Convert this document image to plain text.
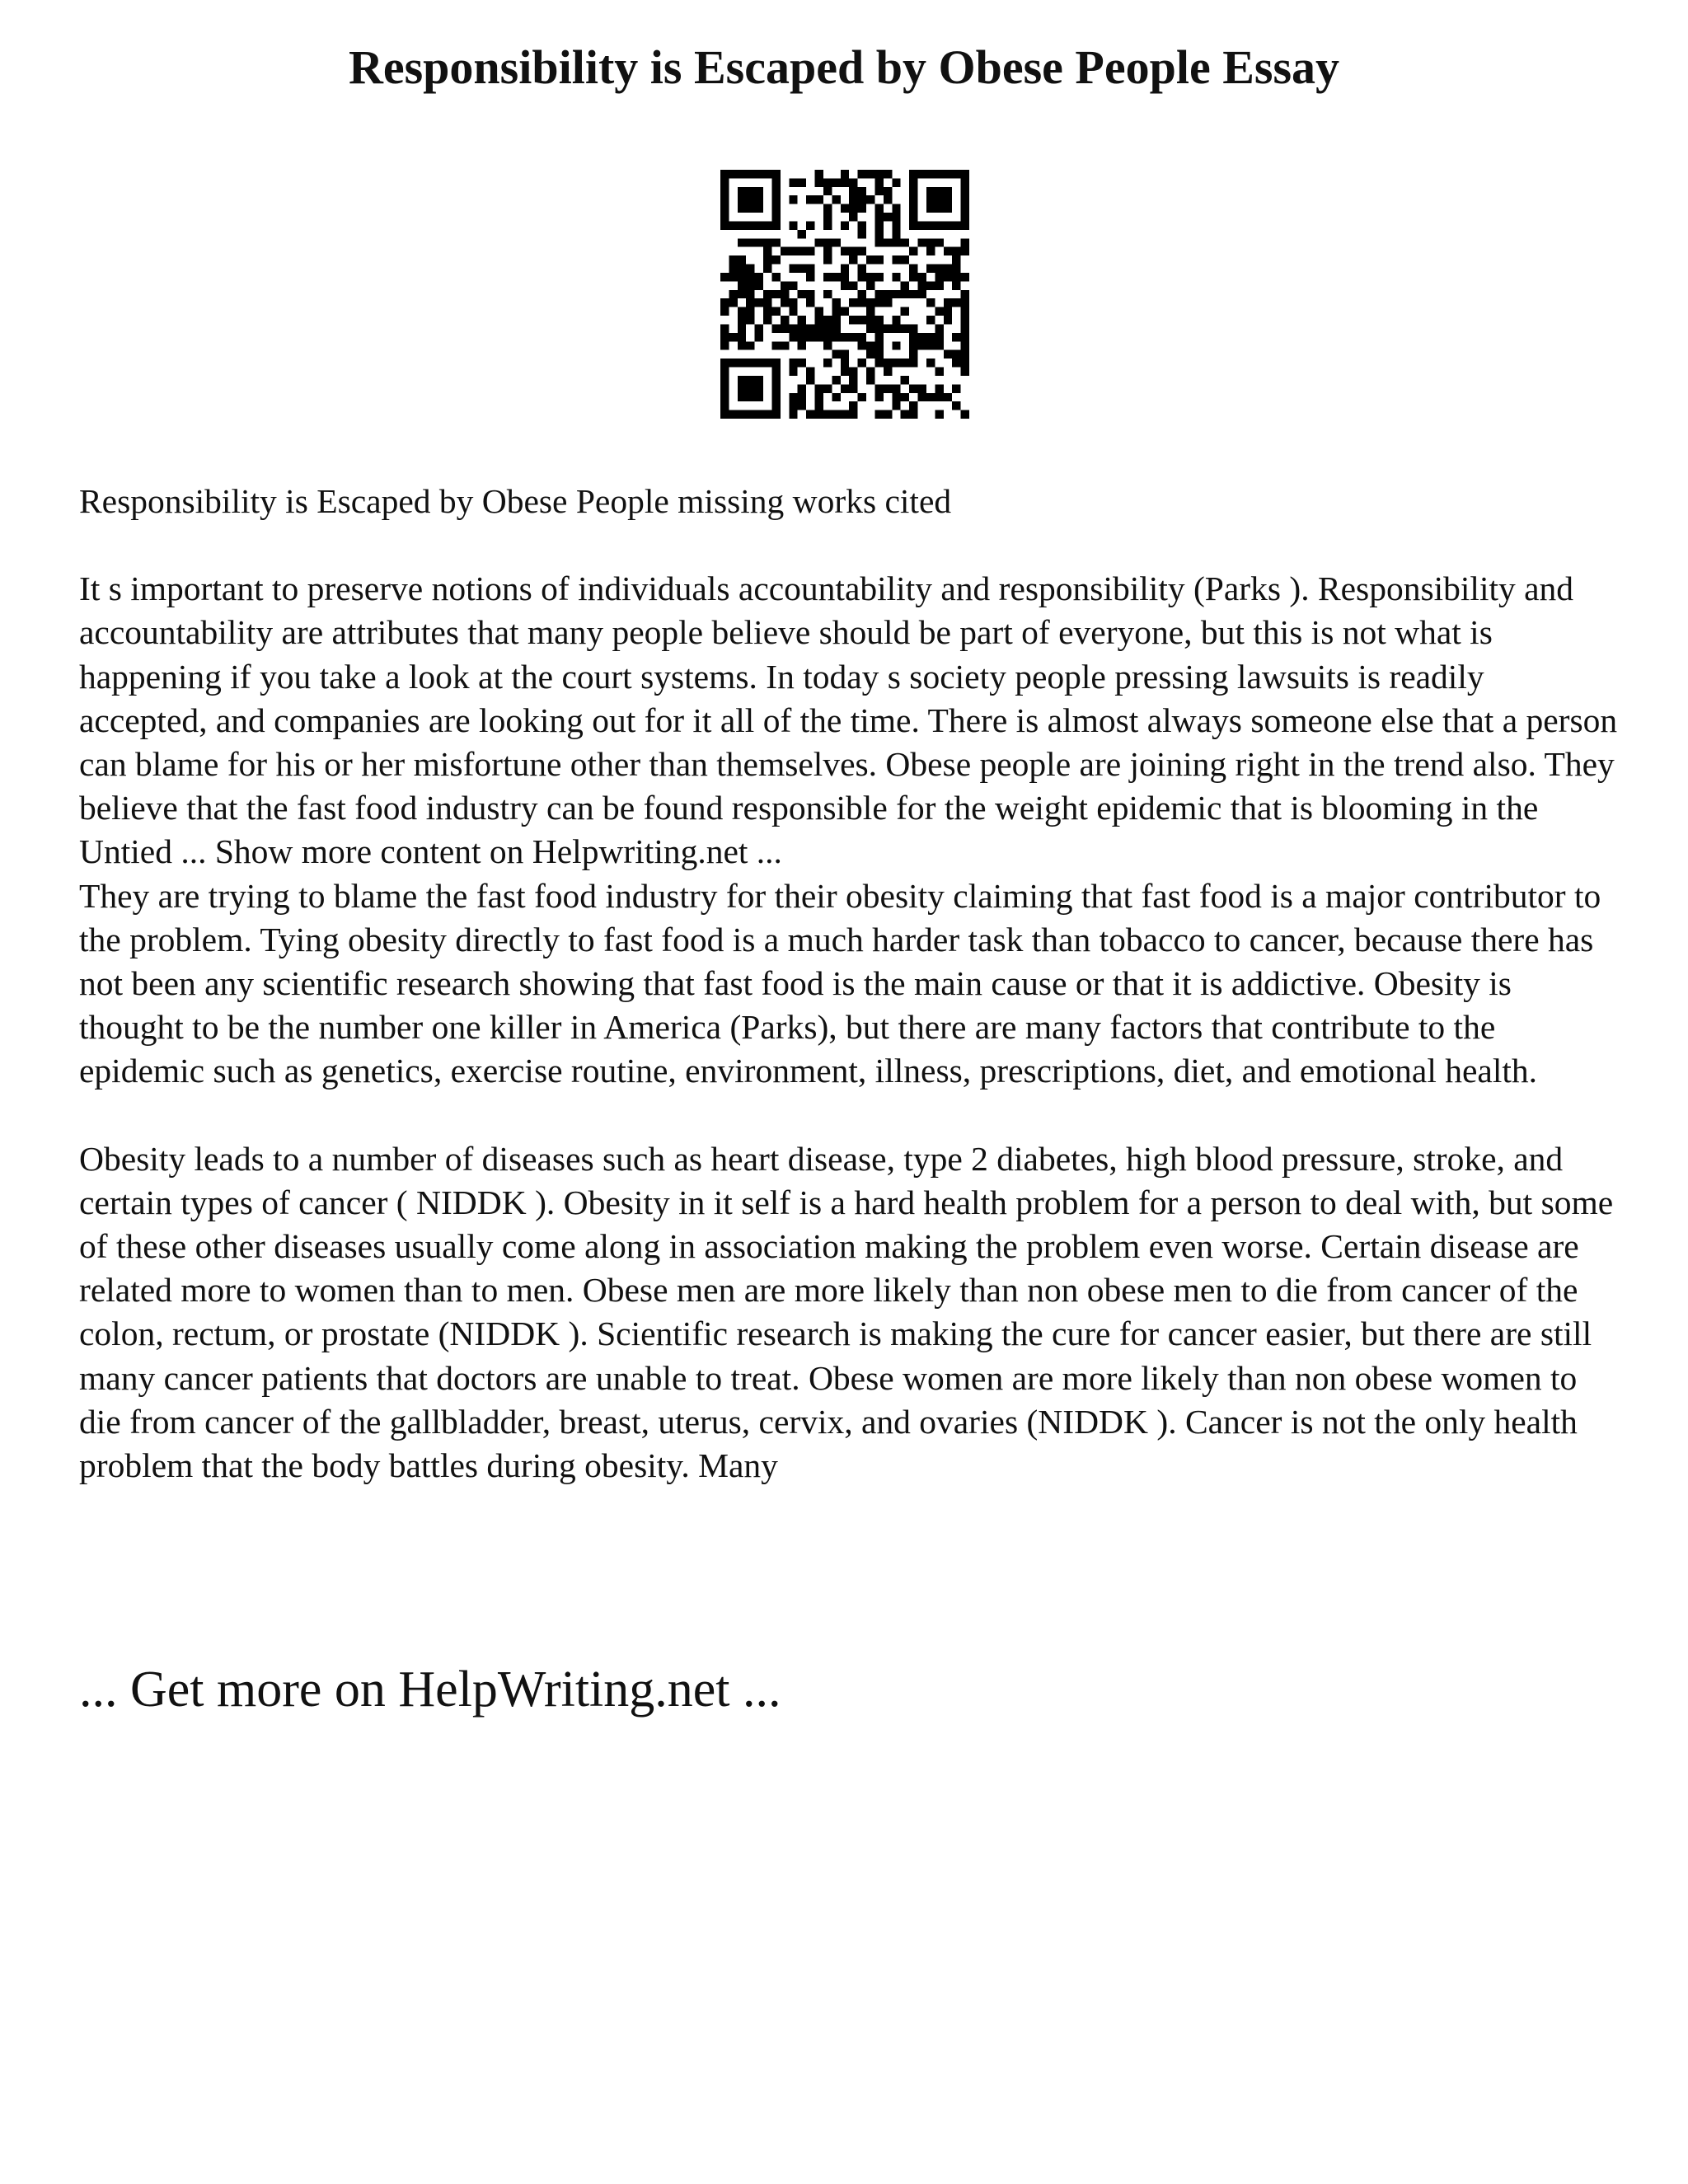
Responsibility is Escaped by Obese People Essay

Responsibility is Escaped by Obese People missing works cited

It s important to preserve notions of individuals accountability and responsibility (Parks ). Responsibility and accountability are attributes that many people believe should be part of everyone, but this is not what is happening if you take a look at the court systems. In today s society people pressing lawsuits is readily accepted, and companies are looking out for it all of the time. There is almost always someone else that a person can blame for his or her misfortune other than themselves. Obese people are joining right in the trend also. They believe that the fast food industry can be found responsible for the weight epidemic that is blooming in the Untied ... Show more content on Helpwriting.net ...

They are trying to blame the fast food industry for their obesity claiming that fast food is a major contributor to the problem. Tying obesity directly to fast food is a much harder task than tobacco to cancer, because there has not been any scientific research showing that fast food is the main cause or that it is addictive. Obesity is thought to be the number one killer in America (Parks), but there are many factors that contribute to the epidemic such as genetics, exercise routine, environment, illness, prescriptions, diet, and emotional health.

Obesity leads to a number of diseases such as heart disease, type 2 diabetes, high blood pressure, stroke, and certain types of cancer ( NIDDK ). Obesity in it self is a hard health problem for a person to deal with, but some of these other diseases usually come along in association making the problem even worse. Certain disease are related more to women than to men. Obese men are more likely than non obese men to die from cancer of the colon, rectum, or prostate (NIDDK ). Scientific research is making the cure for cancer easier, but there are still many cancer patients that doctors are unable to treat. Obese women are more likely than non obese women to die from cancer of the gallbladder, breast, uterus, cervix, and ovaries (NIDDK ). Cancer is not the only health problem that the body battles during obesity. Many

... Get more on HelpWriting.net ...
